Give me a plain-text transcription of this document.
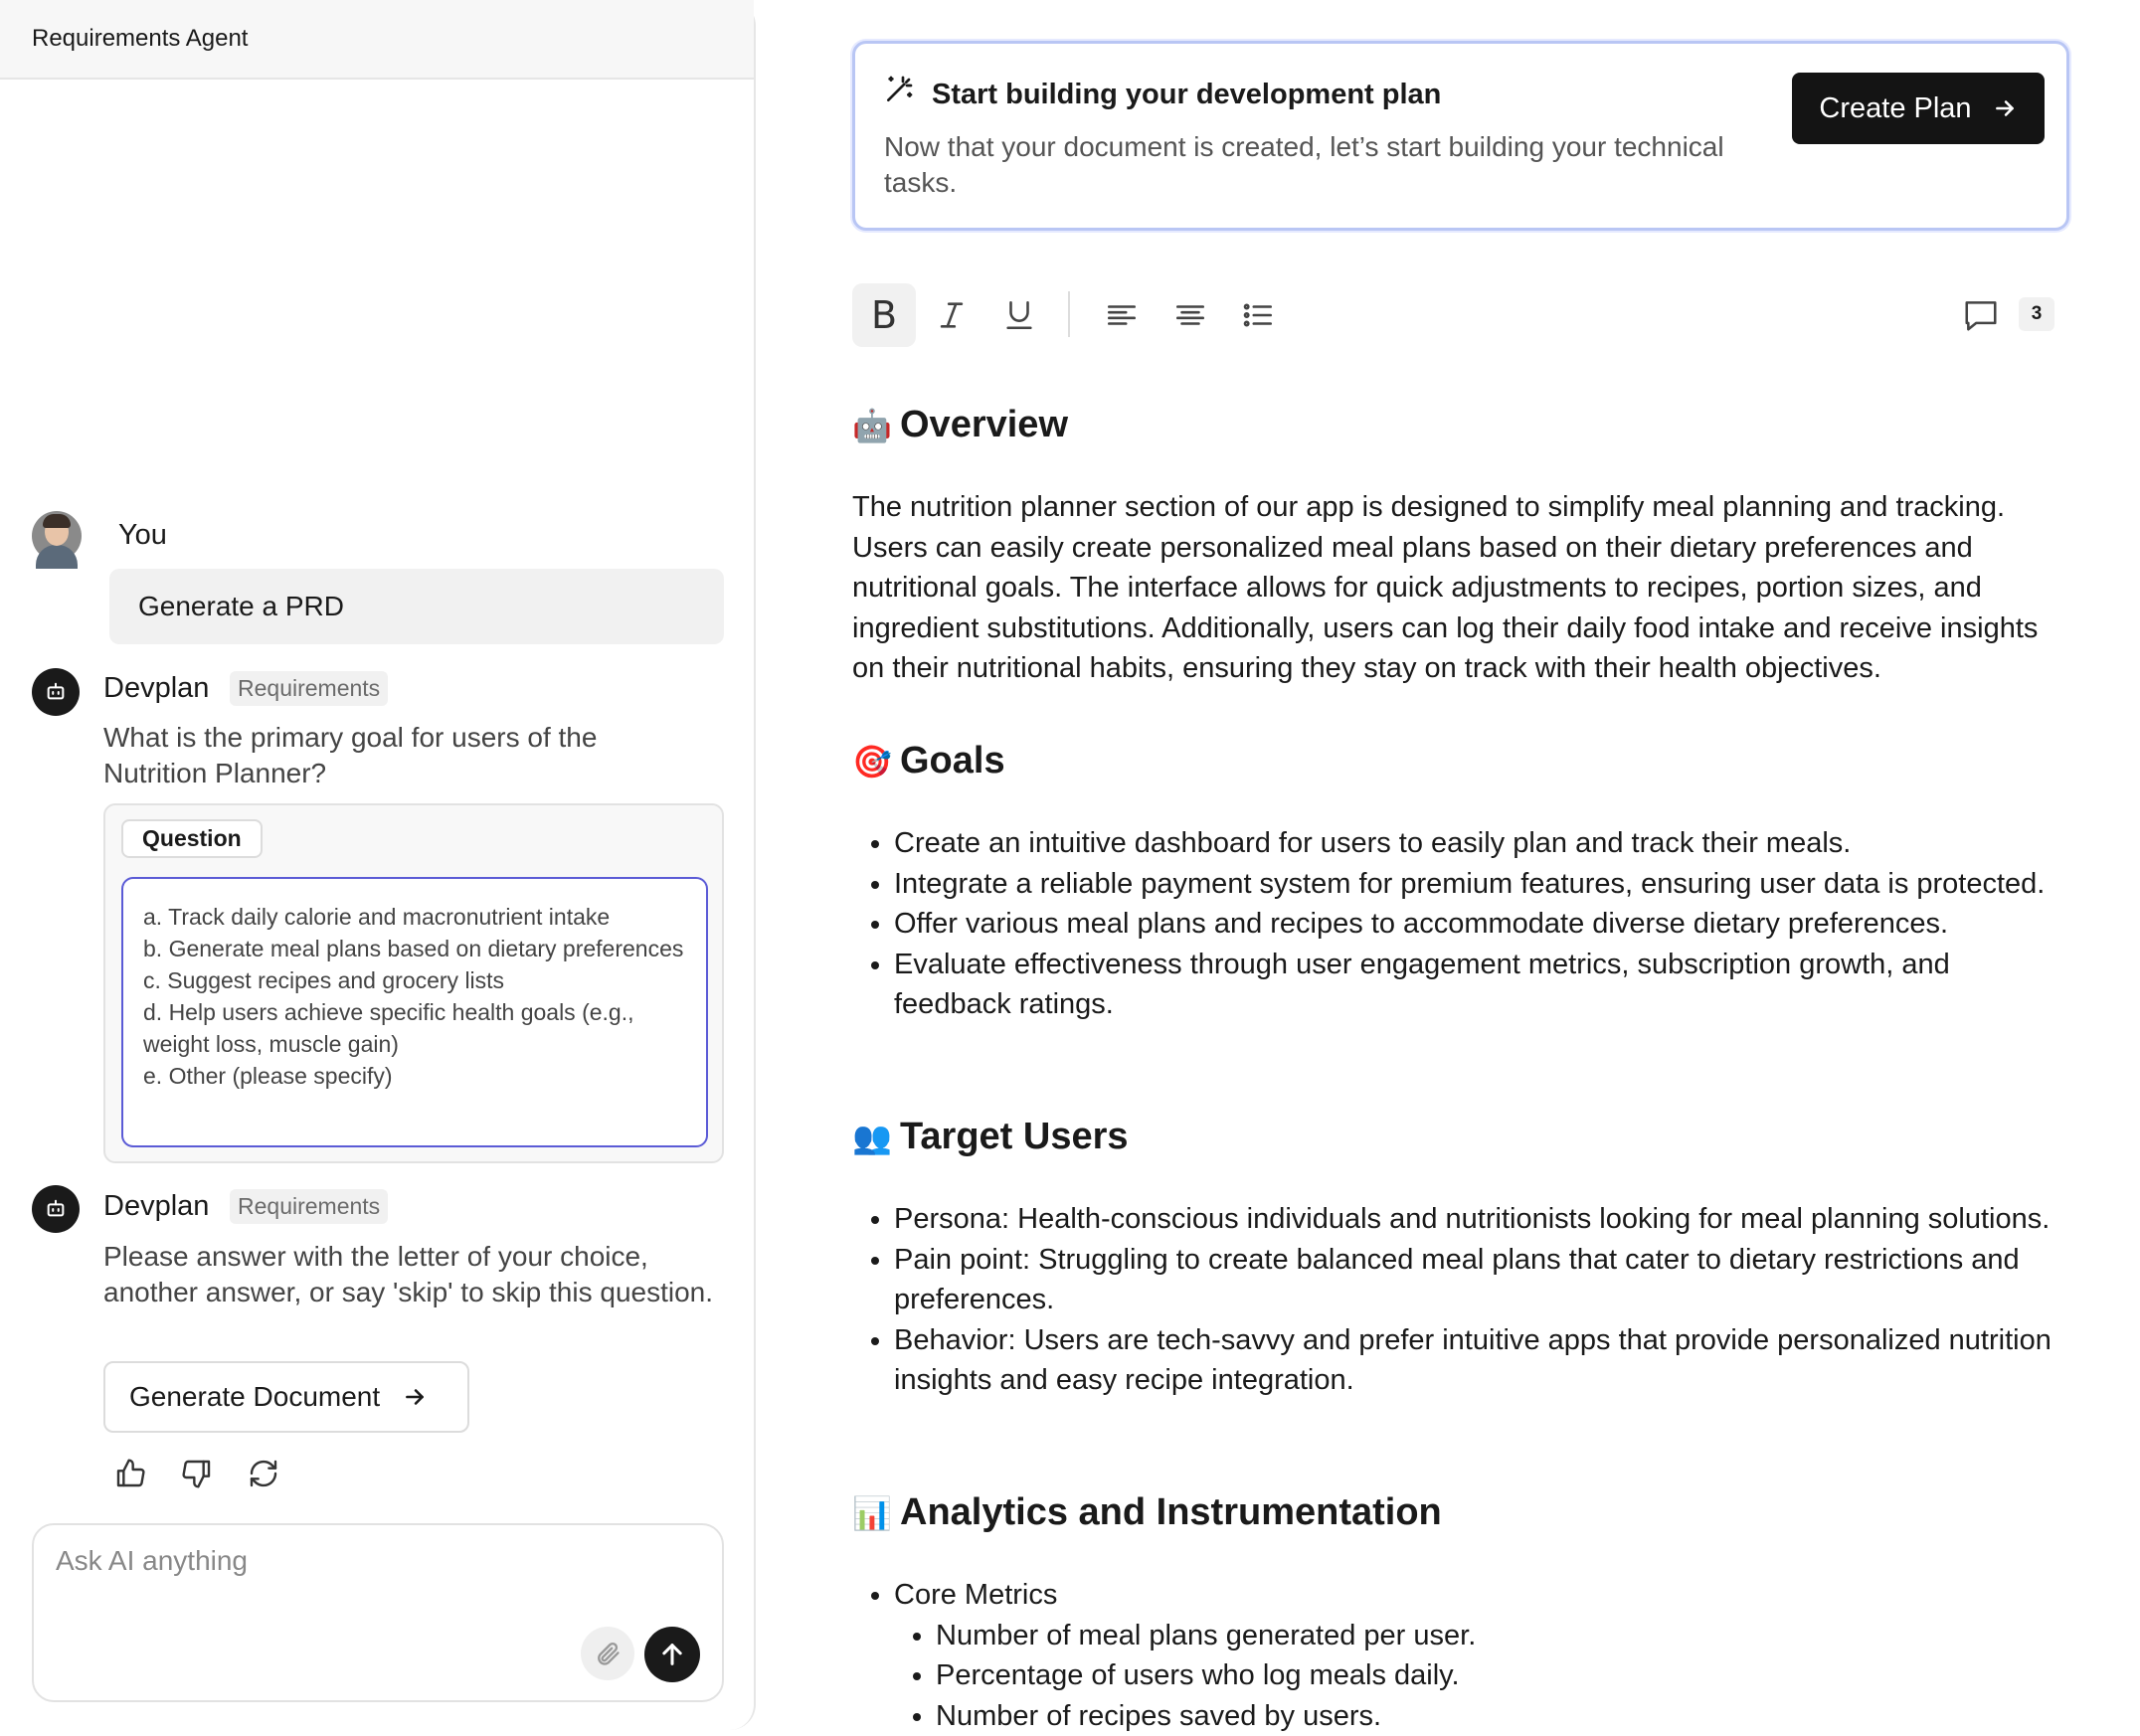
Requirements Agent
You
Generate a PRD
Devplan	Requirements
What is the primary goal for users of the Nutrition Planner?
Question
a. Track daily calorie and macronutrient intake
b. Generate meal plans based on dietary preferences
c. Suggest recipes and grocery lists
d. Help users achieve specific health goals (e.g., weight loss, muscle gain)
e. Other (please specify)
Devplan	Requirements
Please answer with the letter of your choice, another answer, or say 'skip' to skip this question.
Generate Document
Ask AI anything
Start building your development plan
Now that your document is created, let’s start building your technical tasks.
Create Plan
B	3
🤖 Overview

The nutrition planner section of our app is designed to simplify meal planning and tracking. Users can easily create personalized meal plans based on their dietary preferences and nutritional goals. The interface allows for quick adjustments to recipes, portion sizes, and ingredient substitutions. Additionally, users can log their daily food intake and receive insights on their nutritional habits, ensuring they stay on track with their health objectives.

🎯 Goals
• Create an intuitive dashboard for users to easily plan and track their meals.
• Integrate a reliable payment system for premium features, ensuring user data is protected.
• Offer various meal plans and recipes to accommodate diverse dietary preferences.
• Evaluate effectiveness through user engagement metrics, subscription growth, and feedback ratings.
👥 Target Users
• Persona: Health-conscious individuals and nutritionists looking for meal planning solutions.
• Pain point: Struggling to create balanced meal plans that cater to dietary restrictions and preferences.
• Behavior: Users are tech-savvy and prefer intuitive apps that provide personalized nutrition insights and easy recipe integration.
📊 Analytics and Instrumentation
• Core Metrics
• Number of meal plans generated per user.
• Percentage of users who log meals daily.
• Number of recipes saved by users.
